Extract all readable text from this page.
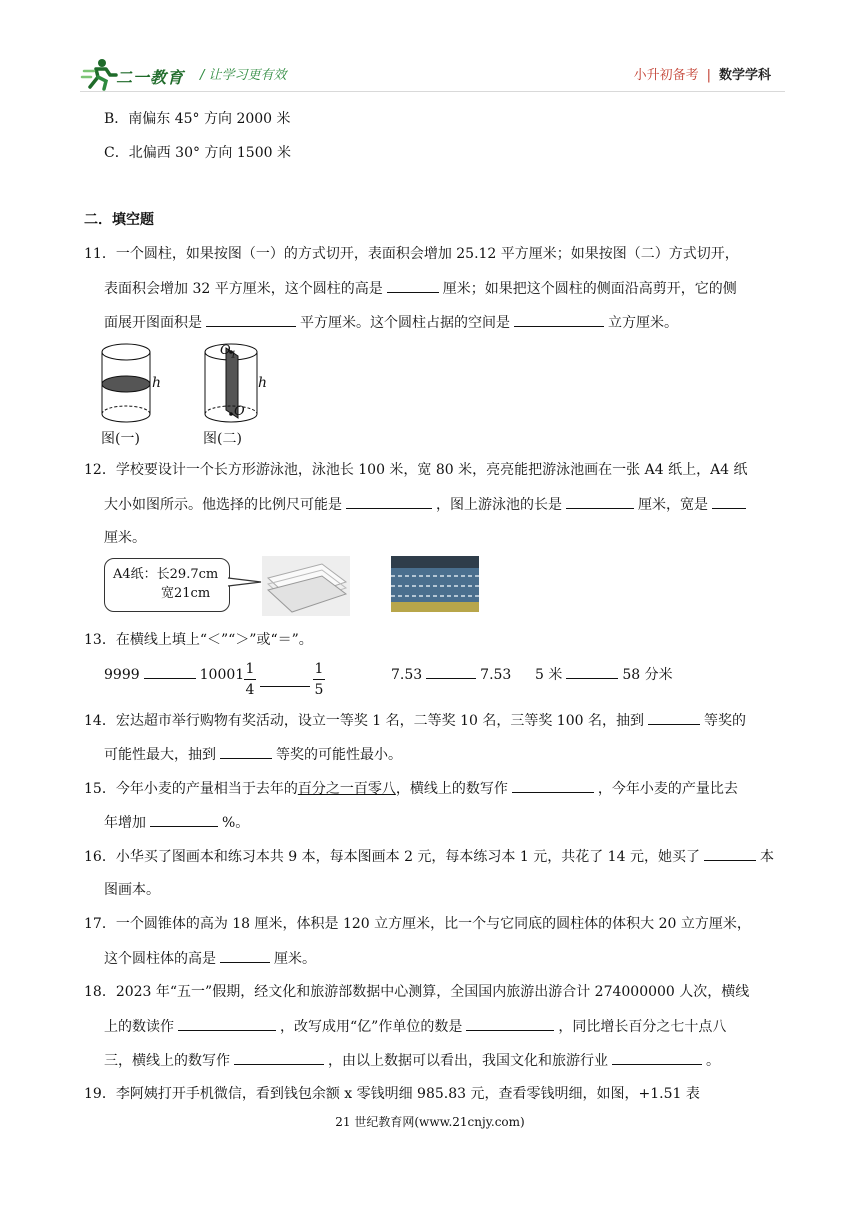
二一教育 / 让学习更有效	小升初备考 | 数学学科
B．南偏东 45° 方向 2000 米
C．北偏西 30° 方向 1500 米
二．填空题
11．一个圆柱，如果按图（一）的方式切开，表面积会增加 25.12 平方厘米；如果按图（二）方式切开，
表面积会增加 32 平方厘米，这个圆柱的高是	厘米；如果把这个圆柱的侧面沿高剪开，它的侧
面展开图面积是	平方厘米。这个圆柱占据的空间是	立方厘米。
h	h
$O_1$
O
图(一)	图(二)
12．学校要设计一个长方形游泳池，泳池长 100 米，宽 80 米，亮亮能把游泳池画在一张 A4 纸上，A4 纸
大小如图所示。他选择的比例尺可能是	，图上游泳池的长是	厘米，宽是
厘米。
A4纸：长29.7cm
宽21cm
13．在横线上填上“＜”“＞”或“＝”。
9999	10001 1
4
1
5
7.53	7.53 5 米	58 分米
14．宏达超市举行购物有奖活动，设立一等奖 1 名，二等奖 10 名，三等奖 100 名，抽到	等奖的
可能性最大，抽到	等奖的可能性最小。
15．今年小麦的产量相当于去年的百分之一百零八，横线上的数写作	，今年小麦的产量比去
年增加	%。
16．小华买了图画本和练习本共 9 本，每本图画本 2 元，每本练习本 1 元，共花了 14 元，她买了	本
图画本。
17．一个圆锥体的高为 18 厘米，体积是 120 立方厘米，比一个与它同底的圆柱体的体积大 20 立方厘米，
这个圆柱体的高是	厘米。
18．2023 年“五一”假期，经文化和旅游部数据中心测算，全国国内旅游出游合计 274000000 人次，横线
上的数读作	，改写成用“亿”作单位的数是	，同比增长百分之七十点八
三，横线上的数写作	，由以上数据可以看出，我国文化和旅游行业	。
19．李阿姨打开手机微信，看到钱包余额 x 零钱明细 985.83 元，查看零钱明细，如图，+1.51 表
21 世纪教育网(www.21cnjy.com)
